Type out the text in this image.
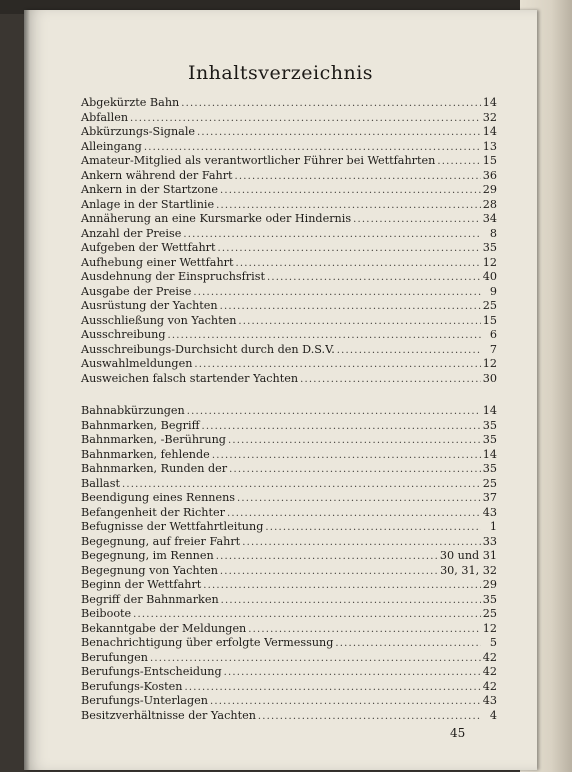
Inhaltsverzeichnis
Abgekürzte Bahn .....	14
Abfallen .....	32
Abkürzungs-Signale .....	14
Alleingang .....	13
Amateur-Mitglied als verantwortlicher Führer bei Wettfahrten .....	15
Ankern während der Fahrt .....	36
Ankern in der Startzone .....	29
Anlage in der Startlinie .....	28
Annäherung an eine Kursmarke oder Hindernis .....	34
Anzahl der Preise .....	8
Aufgeben der Wettfahrt .....	35
Aufhebung einer Wettfahrt .....	12
Ausdehnung der Einspruchsfrist .....	40
Ausgabe der Preise .....	9
Ausrüstung der Yachten .....	25
Ausschließung von Yachten .....	15
Ausschreibung .....	6
Ausschreibungs-Durchsicht durch den D.S.V. .....	7
Auswahlmeldungen .....	12
Ausweichen falsch startender Yachten .....	30
Bahnabkürzungen .....	14
Bahnmarken, Begriff .....	35
Bahnmarken, -Berührung .....	35
Bahnmarken, fehlende .....	14
Bahnmarken, Runden der .....	35
Ballast .....	25
Beendigung eines Rennens .....	37
Befangenheit der Richter .....	43
Befugnisse der Wettfahrtleitung .....	1
Begegnung, auf freier Fahrt .....	33
Begegnung, im Rennen .....	30 und 31
Begegnung von Yachten .....	30, 31, 32
Beginn der Wettfahrt .....	29
Begriff der Bahnmarken .....	35
Beiboote .....	25
Bekanntgabe der Meldungen .....	12
Benachrichtigung über erfolgte Vermessung .....	5
Berufungen .....	42
Berufungs-Entscheidung .....	42
Berufungs-Kosten .....	42
Berufungs-Unterlagen .....	43
Besitzverhältnisse der Yachten .....	4
45
